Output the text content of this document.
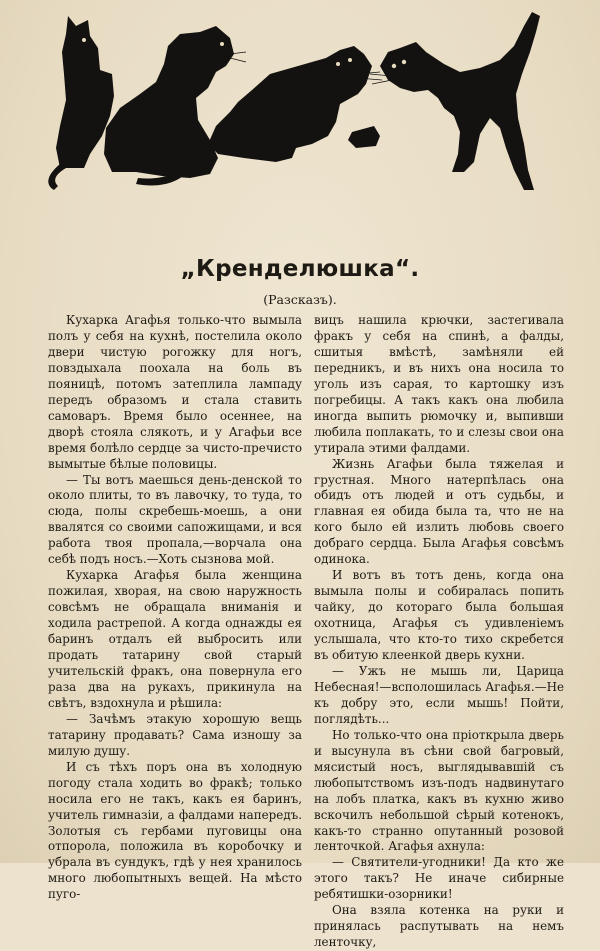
„Кренделюшка“.
(Разсказъ).

Кухарка Агафья только-что вымыла полъ у себя на кухнѣ, постелила около двери чистую рогожку для ногъ, повздыхала поохала на боль въ пояницѣ, потомъ затеплила лампаду передъ образомъ и стала ставить самоваръ. Время было осеннее, на дворѣ стояла слякоть, и у Агафьи все время болѣло сердце за чисто-пречисто вымытые бѣлые половицы.

— Ты вотъ маешься день-денской то около плиты, то въ лавочку, то туда, то сюда, полы скребешь-моешь, а они ввалятся со своими сапожищами, и вся работа твоя пропала,—ворчала она себѣ подъ носъ.—Хоть сызнова мой.

Кухарка Агафья была женщина пожилая, хворая, на свою наружность совсѣмъ не обращала вниманія и ходила растрепой. А когда однажды ея баринъ отдалъ ей выбросить или продать татарину свой старый учительскій фракъ, она повернула его раза два на рукахъ, прикинула на свѣтъ, вздохнула и рѣшила:

— Зачѣмъ этакую хорошую вещь татарину продавать? Сама изношу за милую душу.

И съ тѣхъ поръ она въ холодную погоду стала ходить во фракѣ; только носила его не такъ, какъ ея баринъ, учитель гимназіи, а фалдами напередъ. Золотыя съ гербами пуговицы она отпорола, положила въ коробочку и убрала въ сундукъ, гдѣ у нея хранилось много любопытныхъ вещей. На мѣсто пуго-

вицъ нашила крючки, застегивала фракъ у себя на спинѣ, а фалды, сшитыя вмѣстѣ, замѣняли ей передникъ, и въ нихъ она носила то уголь изъ сарая, то картошку изъ погребицы. А такъ какъ она любила иногда выпить рюмочку и, выпивши любила поплакать, то и слезы свои она утирала этими фалдами.

Жизнь Агафьи была тяжелая и грустная. Много натерпѣлась она обидъ отъ людей и отъ судьбы, и главная ея обида была та, что не на кого было ей излить любовь своего добраго сердца. Была Агафья совсѣмъ одинока.

И вотъ въ тотъ день, когда она вымыла полы и собиралась попить чайку, до котораго была большая охотница, Агафья съ удивленіемъ услышала, что кто-то тихо скребется въ обитую клеенкой дверь кухни.

— Ужъ не мышь ли, Царица Небесная!—всполошилась Агафья.—Не къ добру это, если мышь! Пойти, поглядѣть...

Но только-что она пріоткрыла дверь и высунула въ сѣни свой багровый, мясистый носъ, выглядывавшій съ любопытствомъ изъ-подъ надвинутаго на лобъ платка, какъ въ кухню живо вскочилъ небольшой сѣрый котенокъ, какъ-то странно опутанный розовой ленточкой. Агафья ахнула:

— Святители-угодники! Да кто же этого такъ? Не иначе сибирные ребятишки-озорники!

Она взяла котенка на руки и принялась распутывать на немъ ленточку,
